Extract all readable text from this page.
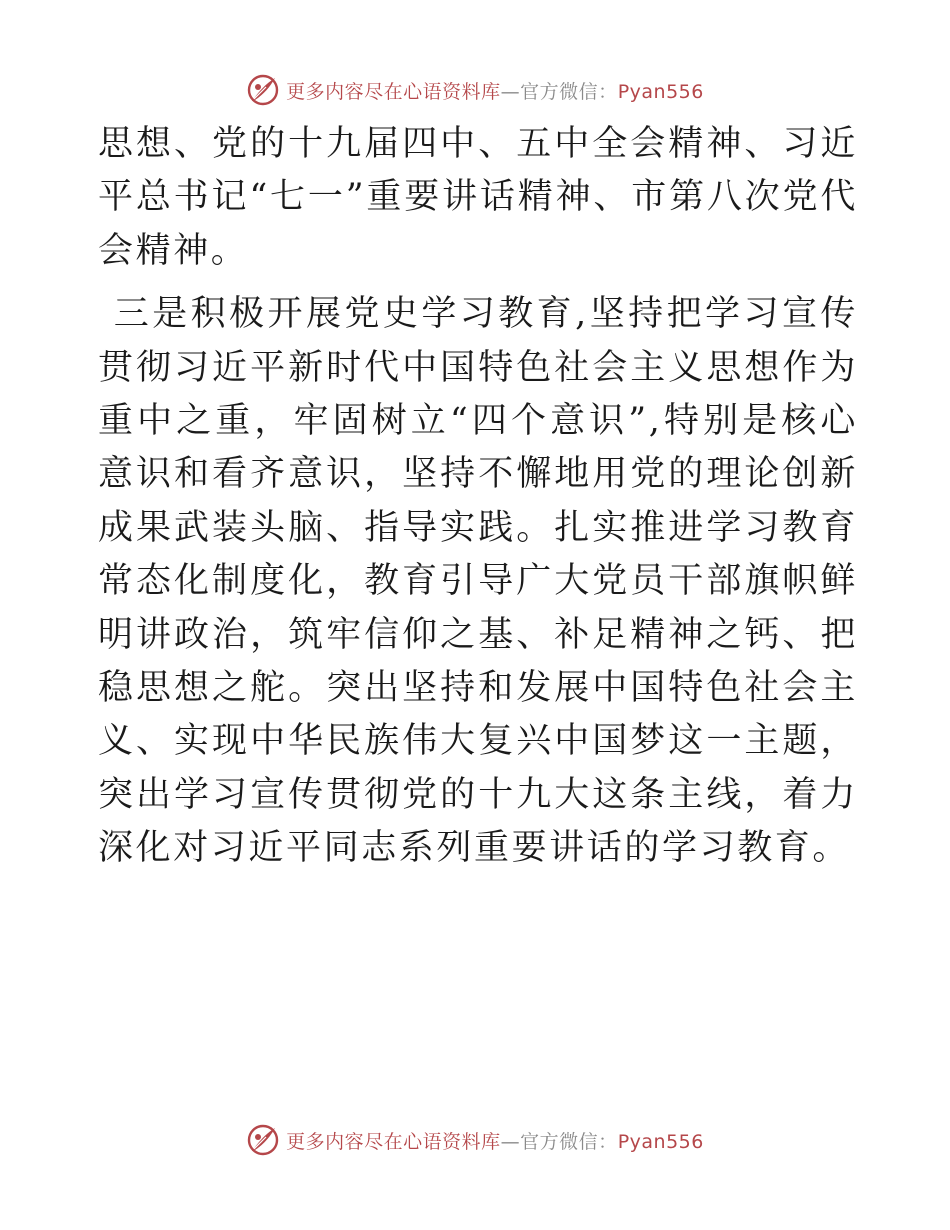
更多内容尽在心语资料库—官方微信：Pyan556

思想、党的十九届四中、五中全会精神、习近平总书记“七一”重要讲话精神、市第八次党代会精神。

三是积极开展党史学习教育,坚持把学习宣传贯彻习近平新时代中国特色社会主义思想作为重中之重，牢固树立“四个意识”,特别是核心意识和看齐意识，坚持不懈地用党的理论创新成果武装头脑、指导实践。扎实推进学习教育常态化制度化，教育引导广大党员干部旗帜鲜明讲政治，筑牢信仰之基、补足精神之钙、把稳思想之舵。突出坚持和发展中国特色社会主义、实现中华民族伟大复兴中国梦这一主题，突出学习宣传贯彻党的十九大这条主线，着力深化对习近平同志系列重要讲话的学习教育。

更多内容尽在心语资料库—官方微信：Pyan556
